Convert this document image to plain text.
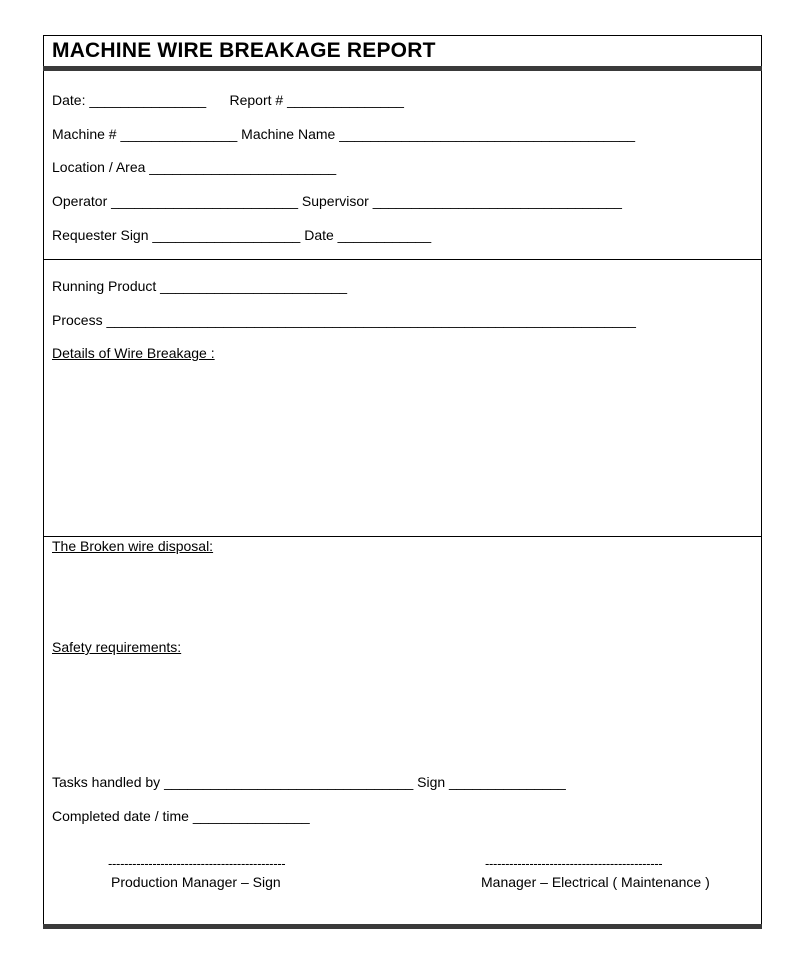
MACHINE WIRE BREAKAGE REPORT
Date: _______________      Report # _______________
Machine # _______________ Machine Name ______________________________________
Location / Area ________________________
Operator ________________________ Supervisor ________________________________
Requester Sign ___________________ Date ____________
Running Product ________________________
Process ____________________________________________________________________
Details of Wire Breakage :
The Broken wire disposal:
Safety requirements:
Tasks handled by ________________________________ Sign _______________
Completed date / time _______________
--------------------------------------------
Production Manager – Sign
--------------------------------------------
Manager – Electrical ( Maintenance )
